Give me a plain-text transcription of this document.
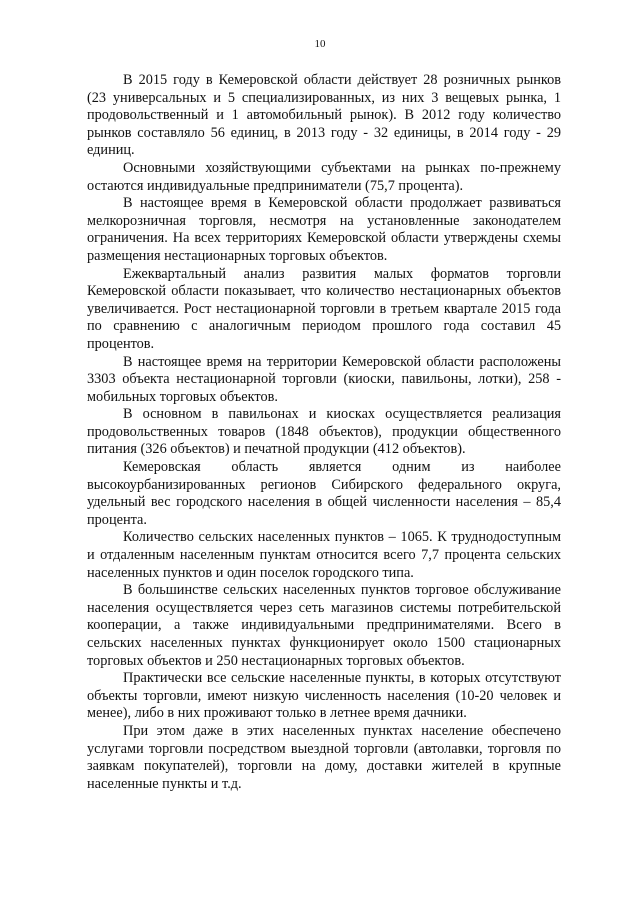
10

В 2015 году в Кемеровской области действует 28 розничных рынков (23 универсальных и 5 специализированных, из них 3 вещевых рынка, 1 продовольственный и 1 автомобильный рынок). В 2012 году количество рынков составляло 56 единиц, в 2013 году - 32 единицы, в 2014 году - 29 единиц.

Основными хозяйствующими субъектами на рынках по-прежнему остаются индивидуальные предприниматели (75,7 процента).

В настоящее время в Кемеровской области продолжает развиваться мелкорозничная торговля, несмотря на установленные законодателем ограничения. На всех территориях Кемеровской области утверждены схемы размещения нестационарных торговых объектов.

Ежеквартальный анализ развития малых форматов торговли Кемеровской области показывает, что количество нестационарных объектов увеличивается. Рост нестационарной торговли в третьем квартале 2015 года по сравнению с аналогичным периодом прошлого года составил 45 процентов.

В настоящее время на территории Кемеровской области расположены 3303 объекта нестационарной торговли (киоски, павильоны, лотки), 258 - мобильных торговых объектов.

В основном в павильонах и киосках осуществляется реализация продовольственных товаров (1848 объектов), продукции общественного питания (326 объектов) и печатной продукции (412 объектов).

Кемеровская область является одним из наиболее высокоурбанизированных регионов Сибирского федерального округа, удельный вес городского населения в общей численности населения – 85,4 процента.

Количество сельских населенных пунктов – 1065. К труднодоступным и отдаленным населенным пунктам относится всего 7,7 процента сельских населенных пунктов и один поселок городского типа.

В большинстве сельских населенных пунктов торговое обслуживание населения осуществляется через сеть магазинов системы потребительской кооперации, а также индивидуальными предпринимателями. Всего в сельских населенных пунктах функционирует около 1500 стационарных торговых объектов и 250 нестационарных торговых объектов.

Практически все сельские населенные пункты, в которых отсутствуют объекты торговли, имеют низкую численность населения (10-20 человек и менее), либо в них проживают только в летнее время дачники.

При этом даже в этих населенных пунктах население обеспечено услугами торговли посредством выездной торговли (автолавки, торговля по заявкам покупателей), торговли на дому, доставки жителей в крупные населенные пункты и т.д.
